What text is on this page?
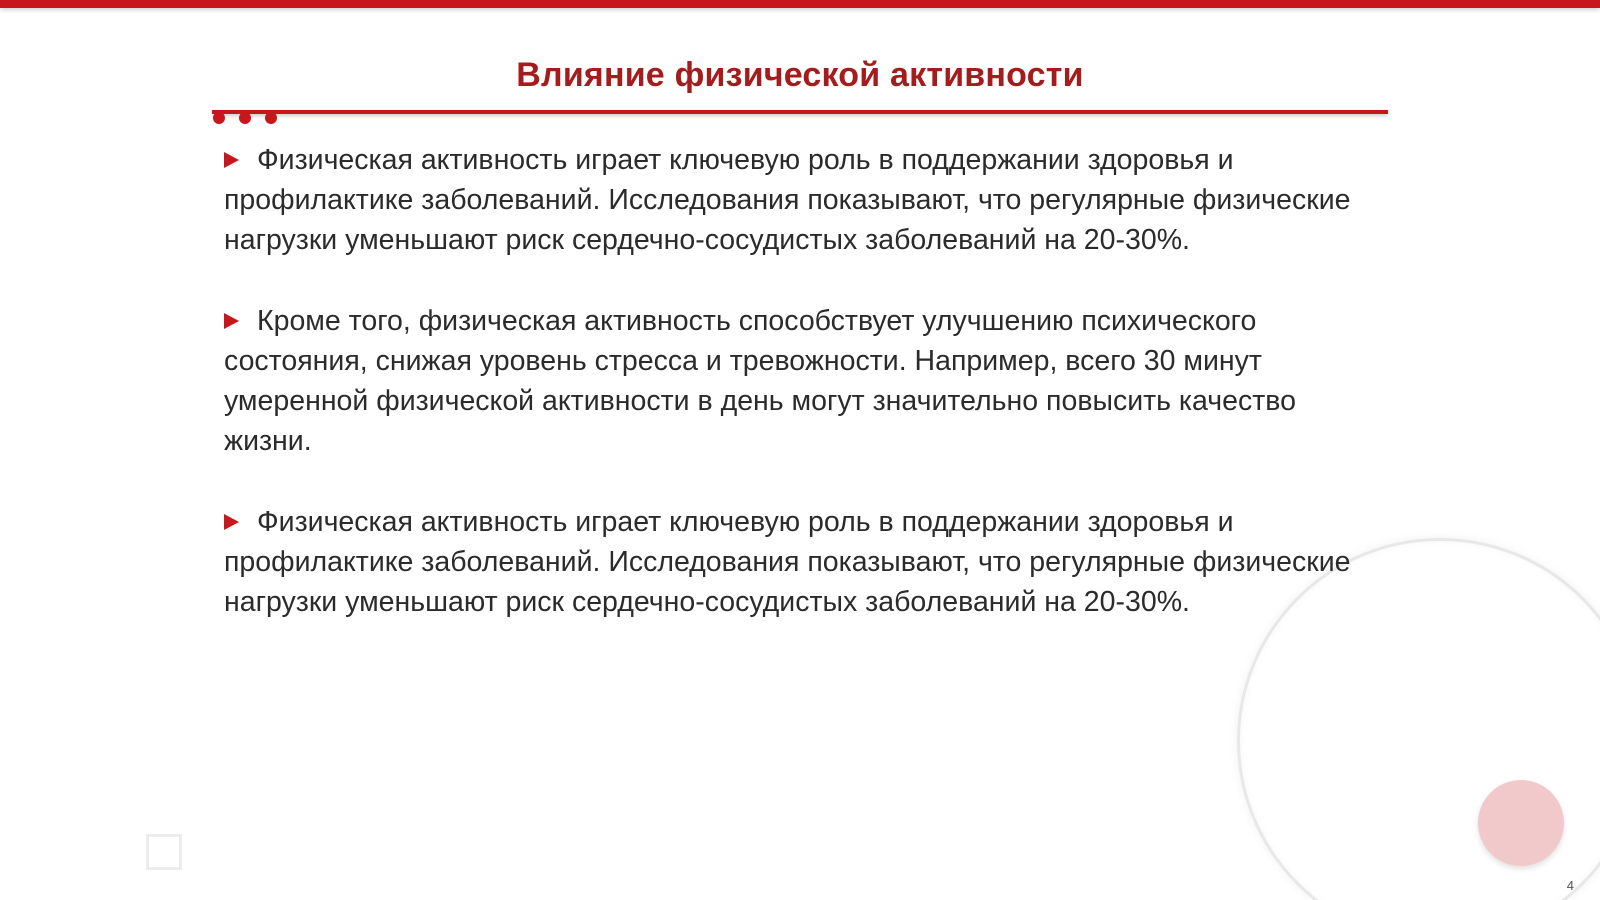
Влияние физической активности

Физическая активность играет ключевую роль в поддержании здоровья и профилактике заболеваний. Исследования показывают, что регулярные физические нагрузки уменьшают риск сердечно-сосудистых заболеваний на 20-30%.

Кроме того, физическая активность способствует улучшению психического состояния, снижая уровень стресса и тревожности. Например, всего 30 минут умеренной физической активности в день могут значительно повысить качество жизни.

Физическая активность играет ключевую роль в поддержании здоровья и профилактике заболеваний. Исследования показывают, что регулярные физические нагрузки уменьшают риск сердечно-сосудистых заболеваний на 20-30%.

4
